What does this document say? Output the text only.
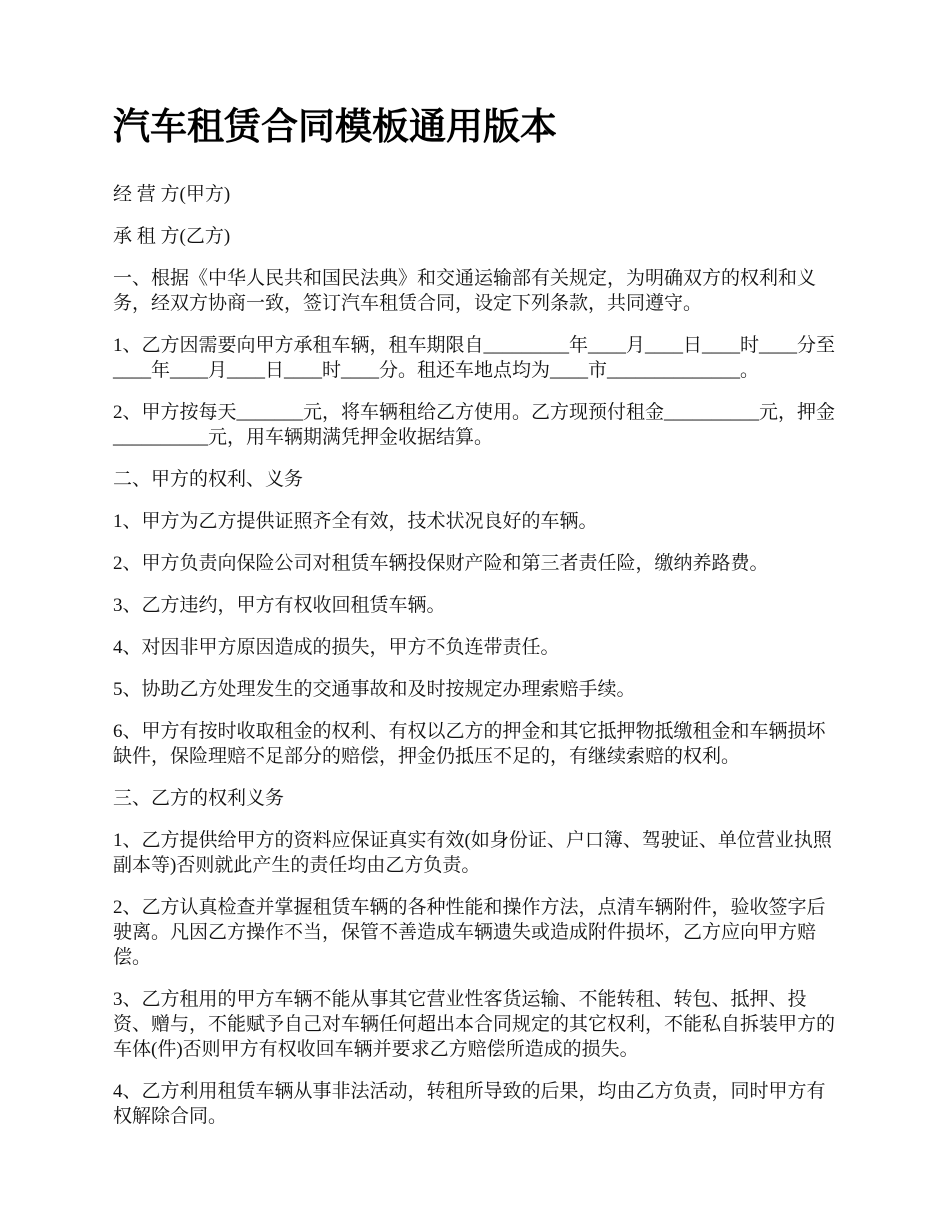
汽车租赁合同模板通用版本

经 营 方(甲方)

承 租 方(乙方)

一、根据《中华人民共和国民法典》和交通运输部有关规定，为明确双方的权利和义务，经双方协商一致，签订汽车租赁合同，设定下列条款，共同遵守。

1、乙方因需要向甲方承租车辆，租车期限自_________年____月____日____时____分至____年____月____日____时____分。租还车地点均为____市______________。

2、甲方按每天_______元，将车辆租给乙方使用。乙方现预付租金__________元，押金__________元，用车辆期满凭押金收据结算。

二、甲方的权利、义务

1、甲方为乙方提供证照齐全有效，技术状况良好的车辆。

2、甲方负责向保险公司对租赁车辆投保财产险和第三者责任险，缴纳养路费。

3、乙方违约，甲方有权收回租赁车辆。

4、对因非甲方原因造成的损失，甲方不负连带责任。

5、协助乙方处理发生的交通事故和及时按规定办理索赔手续。

6、甲方有按时收取租金的权利、有权以乙方的押金和其它抵押物抵缴租金和车辆损坏缺件，保险理赔不足部分的赔偿，押金仍抵压不足的，有继续索赔的权利。

三、乙方的权利义务

1、乙方提供给甲方的资料应保证真实有效(如身份证、户口簿、驾驶证、单位营业执照副本等)否则就此产生的责任均由乙方负责。

2、乙方认真检查并掌握租赁车辆的各种性能和操作方法，点清车辆附件，验收签字后驶离。凡因乙方操作不当，保管不善造成车辆遗失或造成附件损坏，乙方应向甲方赔偿。

3、乙方租用的甲方车辆不能从事其它营业性客货运输、不能转租、转包、抵押、投资、赠与，不能赋予自己对车辆任何超出本合同规定的其它权利，不能私自拆装甲方的车体(件)否则甲方有权收回车辆并要求乙方赔偿所造成的损失。

4、乙方利用租赁车辆从事非法活动，转租所导致的后果，均由乙方负责，同时甲方有权解除合同。
